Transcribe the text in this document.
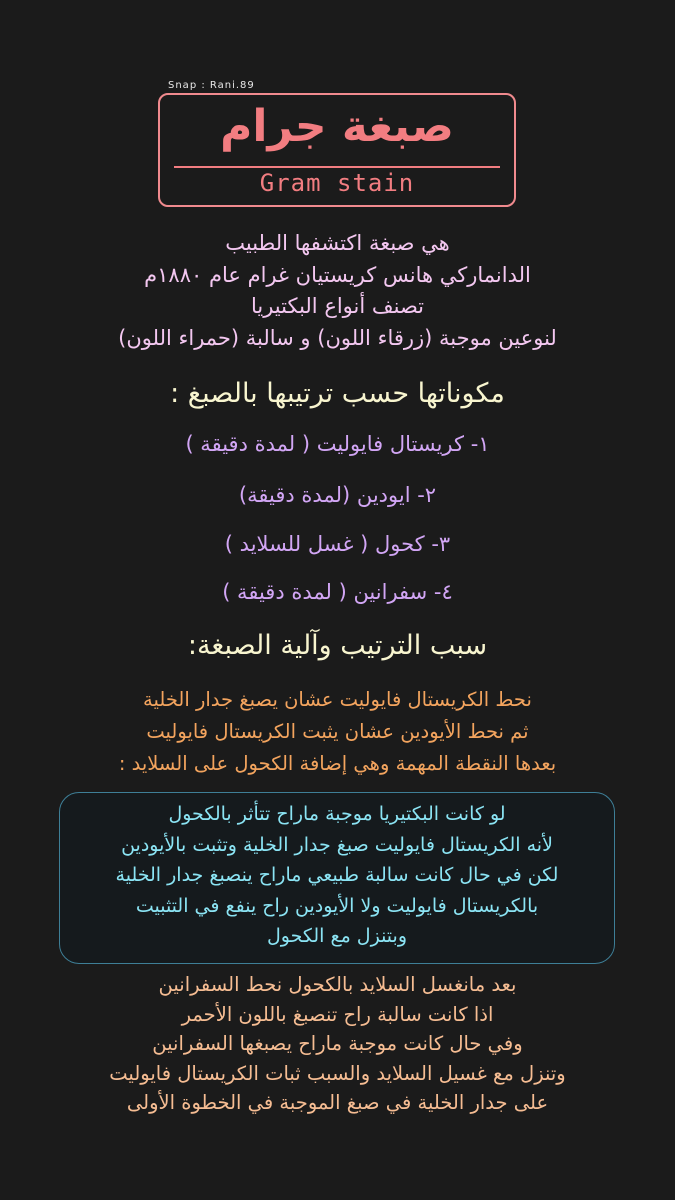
Snap : Rani.89
صبغة جرام
Gram stain
هي صبغة اكتشفها الطبيب
الدانماركي هانس كريستيان غرام عام ١٨٨٠م
تصنف أنواع البكتيريا
لنوعين موجبة (زرقاء اللون) و سالبة (حمراء اللون)
مكوناتها حسب ترتيبها بالصبغ :
١- كريستال فايوليت ( لمدة دقيقة )
٢- ايودين (لمدة دقيقة)
٣- كحول ( غسل للسلايد )
٤- سفرانين ( لمدة دقيقة )
سبب الترتيب وآلية الصبغة:
نحط الكريستال فايوليت عشان يصبغ جدار الخلية
ثم نحط الأيودين عشان يثبت الكريستال فايوليت
بعدها النقطة المهمة وهي إضافة الكحول على السلايد :
لو كانت البكتيريا موجبة ماراح تتأثر بالكحول
لأنه الكريستال فايوليت صبغ جدار الخلية وتثبت بالأيودين
لكن في حال كانت سالبة طبيعي ماراح ينصبغ جدار الخلية
بالكريستال فايوليت ولا الأيودين راح ينفع في التثبيت
وبتنزل مع الكحول
بعد مانغسل السلايد بالكحول نحط السفرانين
اذا كانت سالبة راح تنصبغ باللون الأحمر
وفي حال كانت موجبة ماراح يصبغها السفرانين
وتنزل مع غسيل السلايد والسبب ثبات الكريستال فايوليت
على جدار الخلية في صبغ الموجبة في الخطوة الأولى
